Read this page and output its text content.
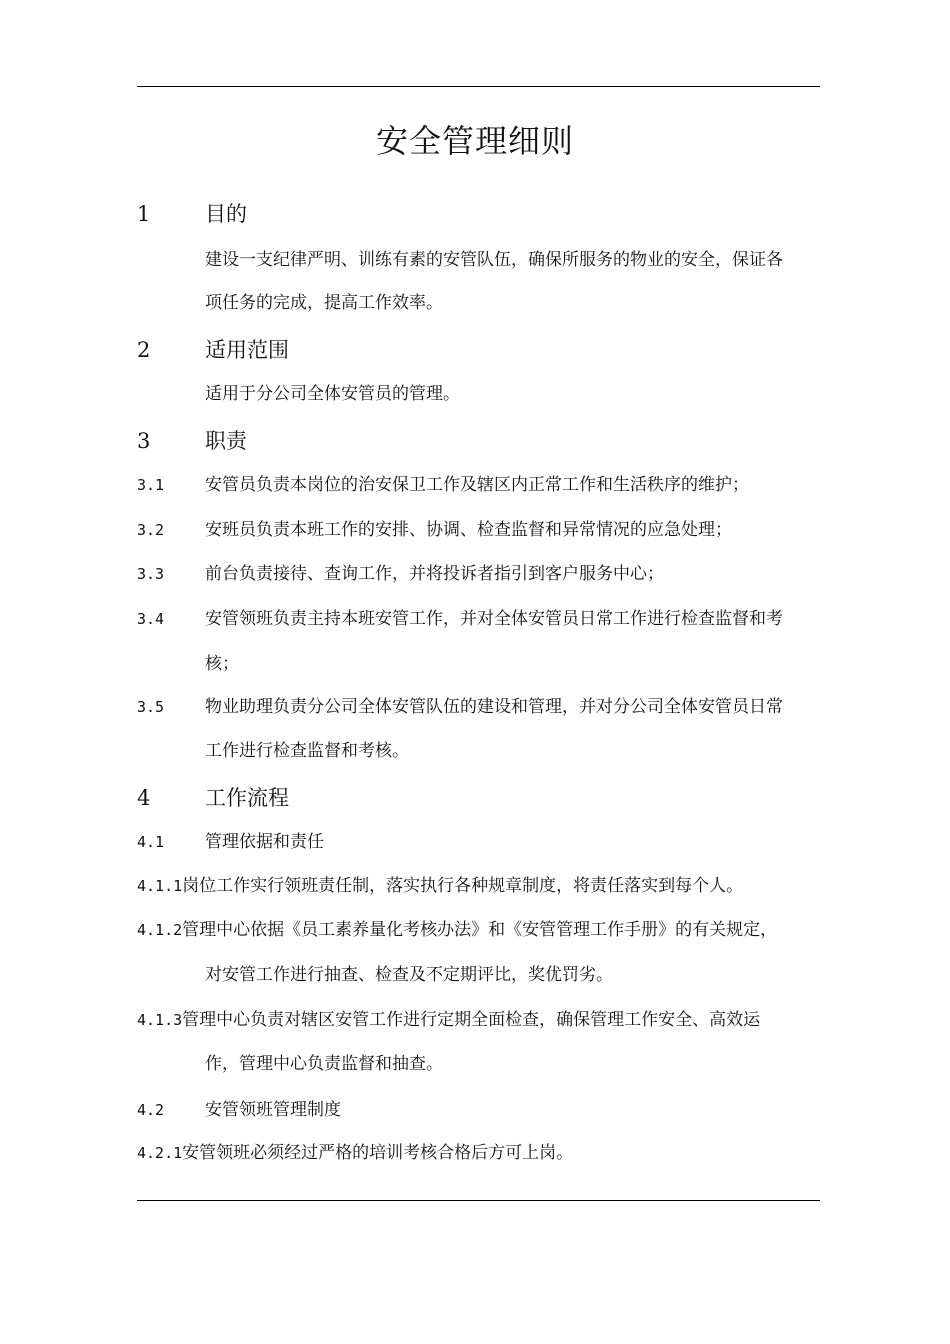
安全管理细则
1	目的
建设一支纪律严明、训练有素的安管队伍，确保所服务的物业的安全，保证各
项任务的完成，提高工作效率。
2	适用范围
适用于分公司全体安管员的管理。
3	职责
3.1 安管员负责本岗位的治安保卫工作及辖区内正常工作和生活秩序的维护；
3.2 安班员负责本班工作的安排、协调、检查监督和异常情况的应急处理；
3.3 前台负责接待、查询工作，并将投诉者指引到客户服务中心；
3.4 安管领班负责主持本班安管工作，并对全体安管员日常工作进行检查监督和考
核；
3.5 物业助理负责分公司全体安管队伍的建设和管理，并对分公司全体安管员日常
工作进行检查监督和考核。
4	工作流程
4.1 管理依据和责任
4.1.1岗位工作实行领班责任制，落实执行各种规章制度，将责任落实到每个人。
4.1.2管理中心依据《员工素养量化考核办法》和《安管管理工作手册》的有关规定，
对安管工作进行抽查、检查及不定期评比，奖优罚劣。
4.1.3管理中心负责对辖区安管工作进行定期全面检查，确保管理工作安全、高效运
作，管理中心负责监督和抽查。
4.2 安管领班管理制度
4.2.1安管领班必须经过严格的培训考核合格后方可上岗。
